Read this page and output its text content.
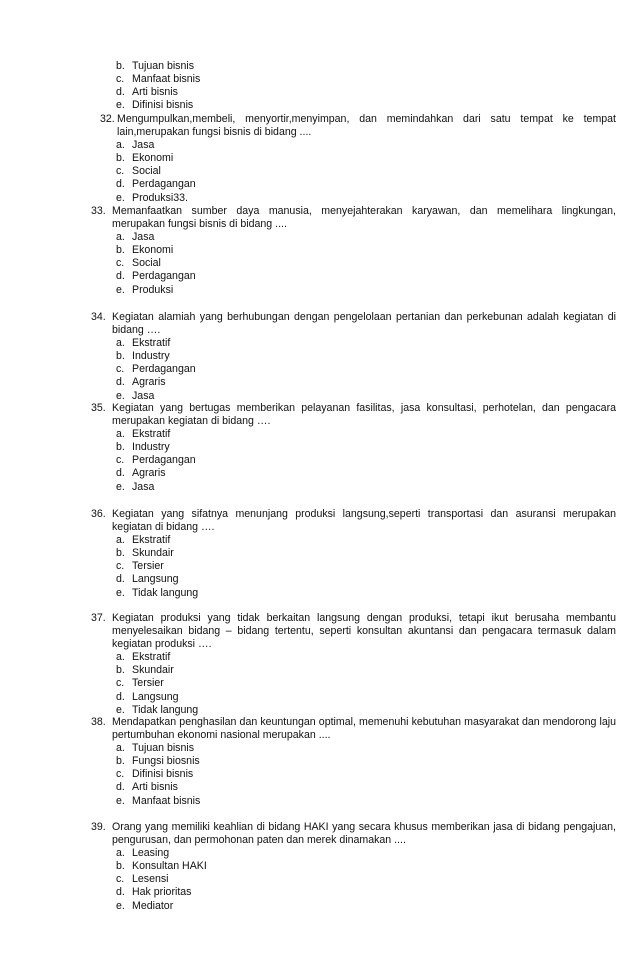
b. Tujuan bisnis
c. Manfaat bisnis
d. Arti bisnis
e. Difinisi bisnis
32. Mengumpulkan,membeli, menyortir,menyimpan, dan memindahkan dari satu tempat ke tempat lain,merupakan fungsi bisnis di bidang ....
a. Jasa
b. Ekonomi
c. Social
d. Perdagangan
e. Produksi33.
33. Memanfaatkan sumber daya manusia, menyejahterakan karyawan, dan memelihara lingkungan, merupakan fungsi bisnis di bidang ....
a. Jasa
b. Ekonomi
c. Social
d. Perdagangan
e. Produksi
34. Kegiatan alamiah yang berhubungan dengan pengelolaan pertanian dan perkebunan adalah kegiatan di bidang ….
a. Ekstratif
b. Industry
c. Perdagangan
d. Agraris
e. Jasa
35. Kegiatan yang bertugas memberikan pelayanan fasilitas, jasa konsultasi, perhotelan, dan pengacara merupakan kegiatan di bidang ….
a. Ekstratif
b. Industry
c. Perdagangan
d. Agraris
e. Jasa
36. Kegiatan yang sifatnya menunjang produksi langsung,seperti transportasi dan asuransi merupakan kegiatan di bidang ….
a. Ekstratif
b. Skundair
c. Tersier
d. Langsung
e. Tidak langung
37. Kegiatan produksi yang tidak berkaitan langsung dengan produksi, tetapi ikut berusaha membantu menyelesaikan bidang – bidang tertentu, seperti konsultan akuntansi dan pengacara termasuk dalam kegiatan produksi ….
a. Ekstratif
b. Skundair
c. Tersier
d. Langsung
e. Tidak langung
38. Mendapatkan penghasilan dan keuntungan optimal, memenuhi kebutuhan masyarakat dan mendorong laju pertumbuhan ekonomi nasional merupakan ....
a. Tujuan bisnis
b. Fungsi biosnis
c. Difinisi bisnis
d. Arti bisnis
e. Manfaat bisnis
39. Orang yang memiliki keahlian di bidang HAKI yang secara khusus memberikan jasa di bidang pengajuan, pengurusan, dan permohonan paten dan merek dinamakan ....
a. Leasing
b. Konsultan HAKI
c. Lesensi
d. Hak prioritas
e. Mediator
